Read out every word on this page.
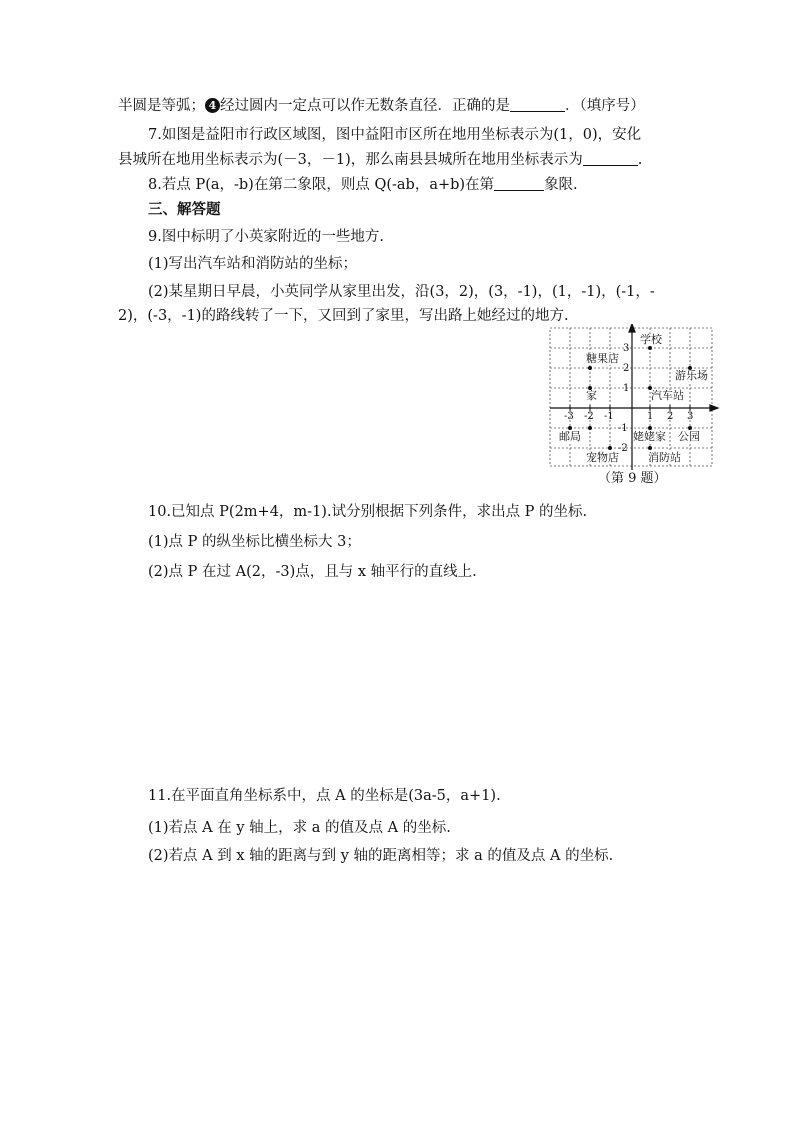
半圆是等弧； 4 经过圆内一定点可以作无数条直径．正确的是	．（填序号）
7.如图是益阳市行政区域图，图中益阳市区所在地用坐标表示为(1，0)，安化
县城所在地用坐标表示为(－3，－1)，那么南县县城所在地用坐标表示为	.
8.若点 P(a，-b)在第二象限，则点 Q(-ab，a+b)在第	象限.
三、解答题
9.图中标明了小英家附近的一些地方.
(1)写出汽车站和消防站的坐标；
(2)某星期日早晨，小英同学从家里出发，沿(3，2)，(3，-1)，(1，-1)，(-1，-
2)，(-3，-1)的路线转了一下，又回到了家里，写出路上她经过的地方.
学校
糖果店
游乐场
家	汽车站
邮局	姥姥家 公园
宠物店	消防站
-3 -2 -1	1 2 3
3
2
1
-1
-2
（第 9 题）
10.已知点 P(2m+4，m-1).试分别根据下列条件，求出点 P 的坐标.
(1)点 P 的纵坐标比横坐标大 3；
(2)点 P 在过 A(2，-3)点，且与 x 轴平行的直线上.
11.在平面直角坐标系中，点 A 的坐标是(3a-5，a+1).
(1)若点 A 在 y 轴上，求 a 的值及点 A 的坐标.
(2)若点 A 到 x 轴的距离与到 y 轴的距离相等；求 a 的值及点 A 的坐标.
